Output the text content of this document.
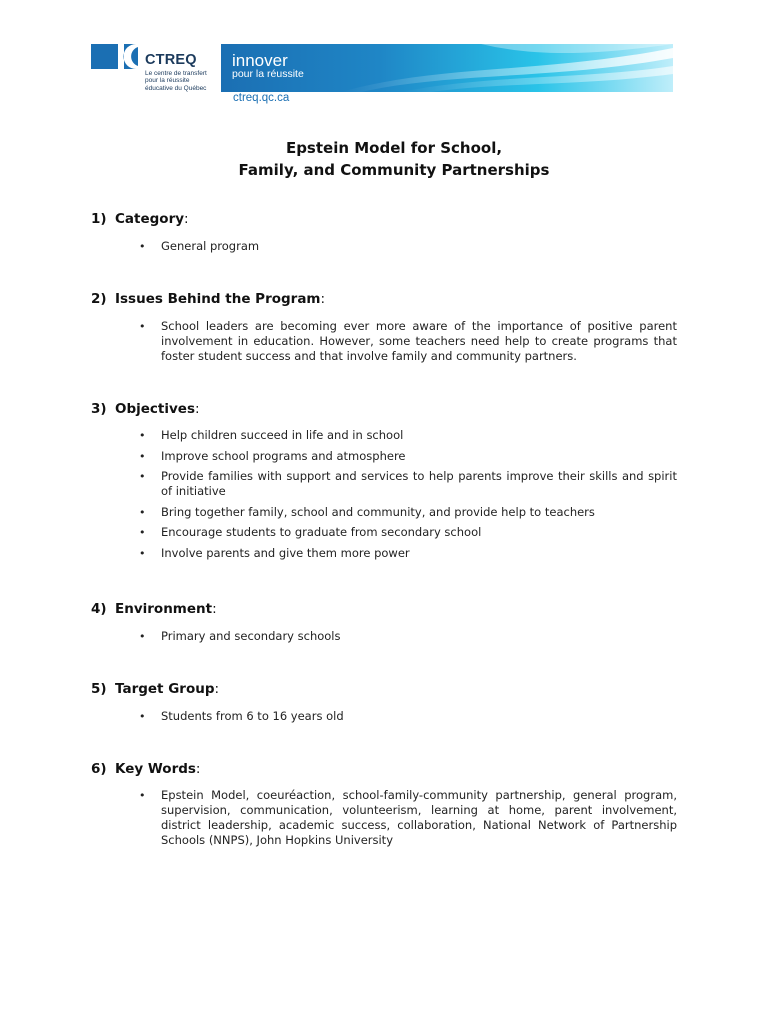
CTREQ
Le centre de transfert
pour la réussite
éducative du Québec
innover
pour la réussite
ctreq.qc.ca
Epstein Model for School,
Family, and Community Partnerships

1) Category:

• General program

2) Issues Behind the Program:

• School leaders are becoming ever more aware of the importance of positive parent involvement in education. However, some teachers need help to create programs that foster student success and that involve family and community partners.

3) Objectives:

• Help children succeed in life and in school
• Improve school programs and atmosphere
• Provide families with support and services to help parents improve their skills and spirit of initiative
• Bring together family, school and community, and provide help to teachers
• Encourage students to graduate from secondary school
• Involve parents and give them more power

4) Environment:

• Primary and secondary schools

5) Target Group:

• Students from 6 to 16 years old

6) Key Words:

• Epstein Model, coeuréaction, school-family-community partnership, general program, supervision, communication, volunteerism, learning at home, parent involvement, district leadership, academic success, collaboration, National Network of Partnership Schools (NNPS), John Hopkins University
